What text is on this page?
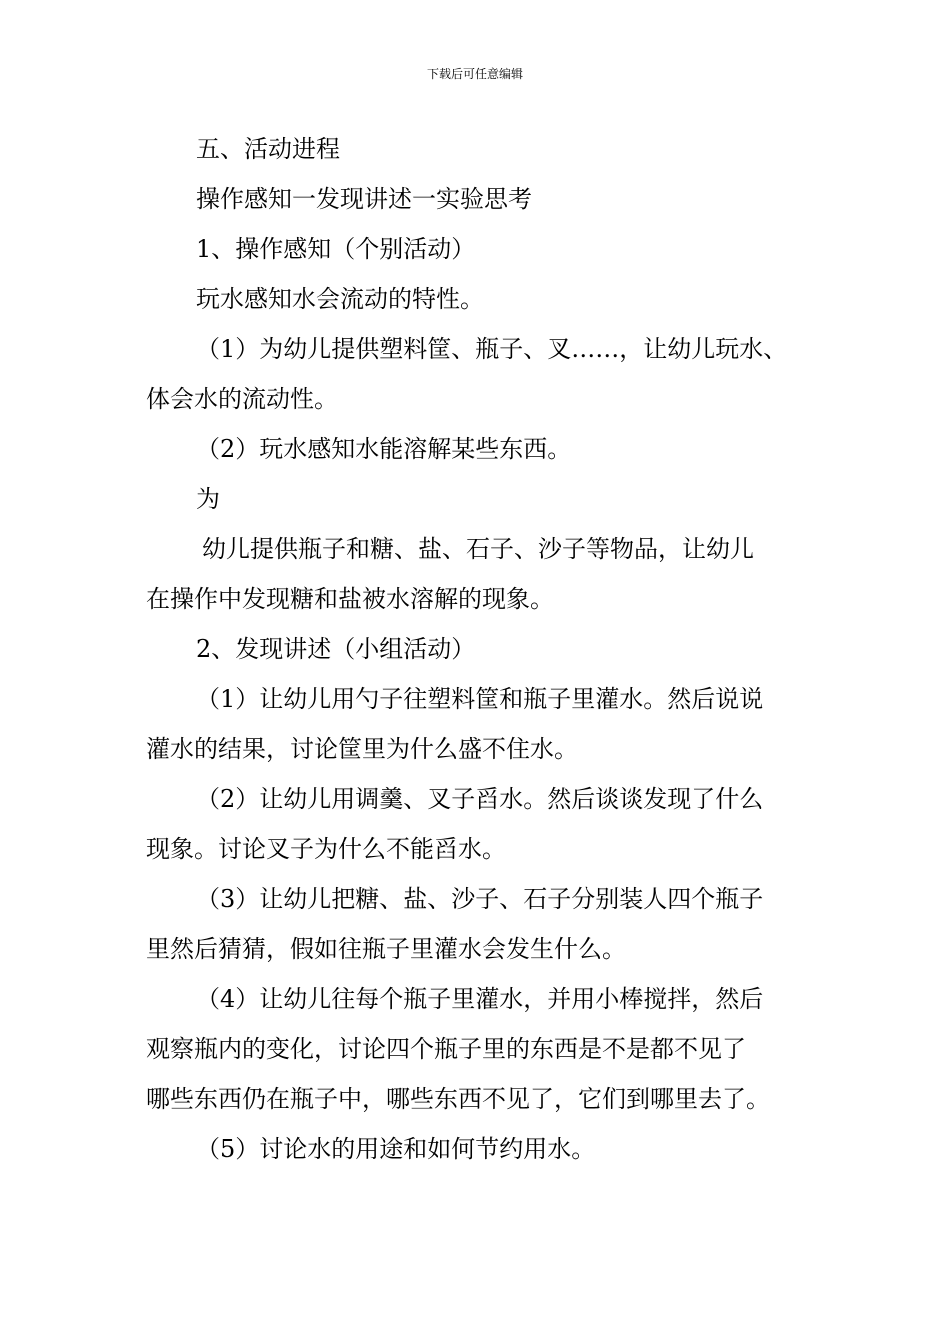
下载后可任意编辑
五、活动进程
操作感知一发现讲述一实验思考
1、操作感知（个别活动）
玩水感知水会流动的特性。
（1）为幼儿提供塑料筐、瓶子、叉……，让幼儿玩水、
体会水的流动性。
（2）玩水感知水能溶解某些东西。
为
幼儿提供瓶子和糖、盐、石子、沙子等物品，让幼儿
在操作中发现糖和盐被水溶解的现象。
2、发现讲述（小组活动）
（1）让幼儿用勺子往塑料筐和瓶子里灌水。然后说说
灌水的结果，讨论筐里为什么盛不住水。
（2）让幼儿用调羹、叉子舀水。然后谈谈发现了什么
现象。讨论叉子为什么不能舀水。
（3）让幼儿把糖、盐、沙子、石子分别装人四个瓶子
里然后猜猜，假如往瓶子里灌水会发生什么。
（4）让幼儿往每个瓶子里灌水，并用小棒搅拌，然后
观察瓶内的变化，讨论四个瓶子里的东西是不是都不见了
哪些东西仍在瓶子中，哪些东西不见了，它们到哪里去了。
（5）讨论水的用途和如何节约用水。
